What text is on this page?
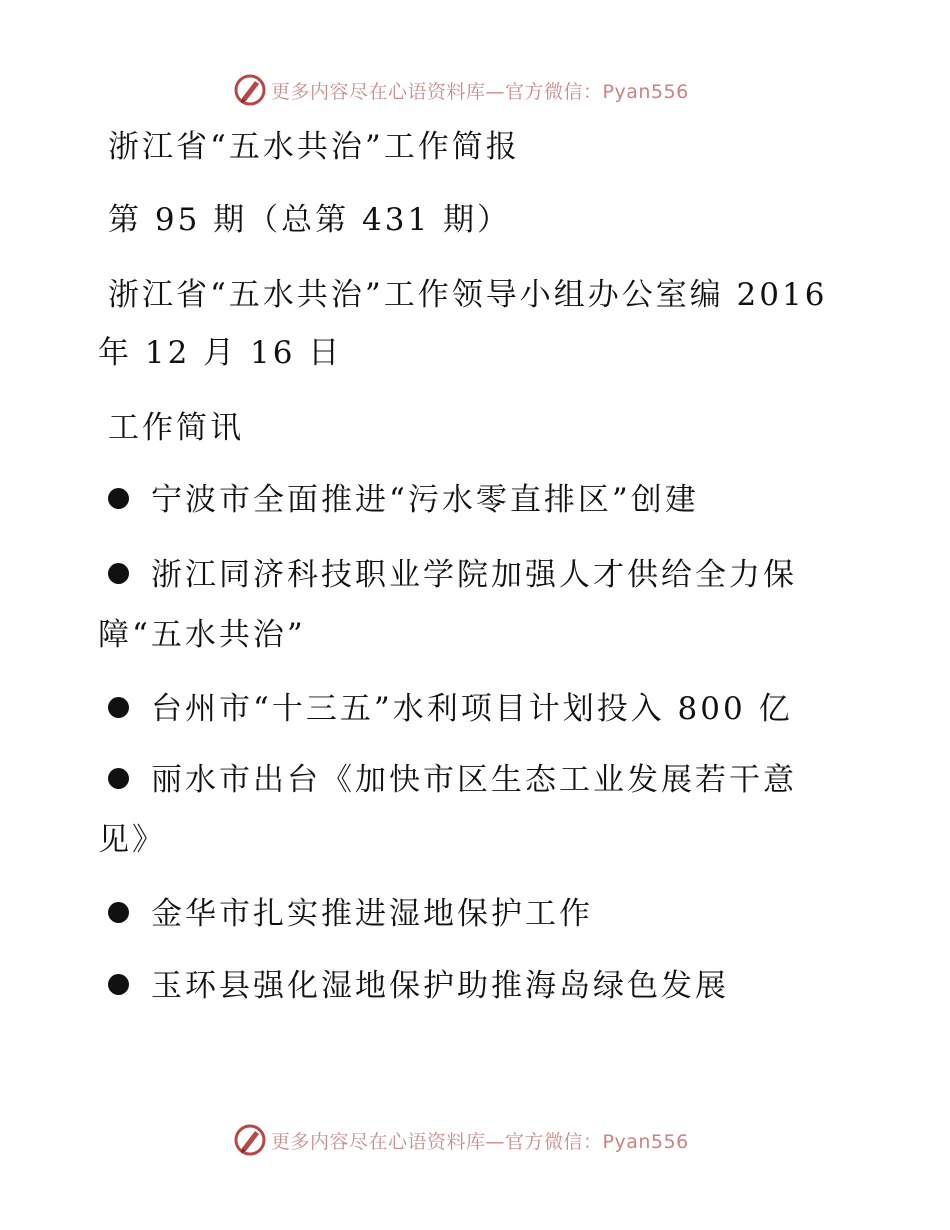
更多内容尽在心语资料库—官方微信：Pyan556
浙江省“五水共治”工作简报
第 95 期（总第 431 期）
浙江省“五水共治”工作领导小组办公室编 2016
年 12 月 16 日
工作简讯
宁波市全面推进“污水零直排区”创建
浙江同济科技职业学院加强人才供给全力保
障“五水共治”
台州市“十三五”水利项目计划投入 800 亿
丽水市出台《加快市区生态工业发展若干意
见》
金华市扎实推进湿地保护工作
玉环县强化湿地保护助推海岛绿色发展
更多内容尽在心语资料库—官方微信：Pyan556
